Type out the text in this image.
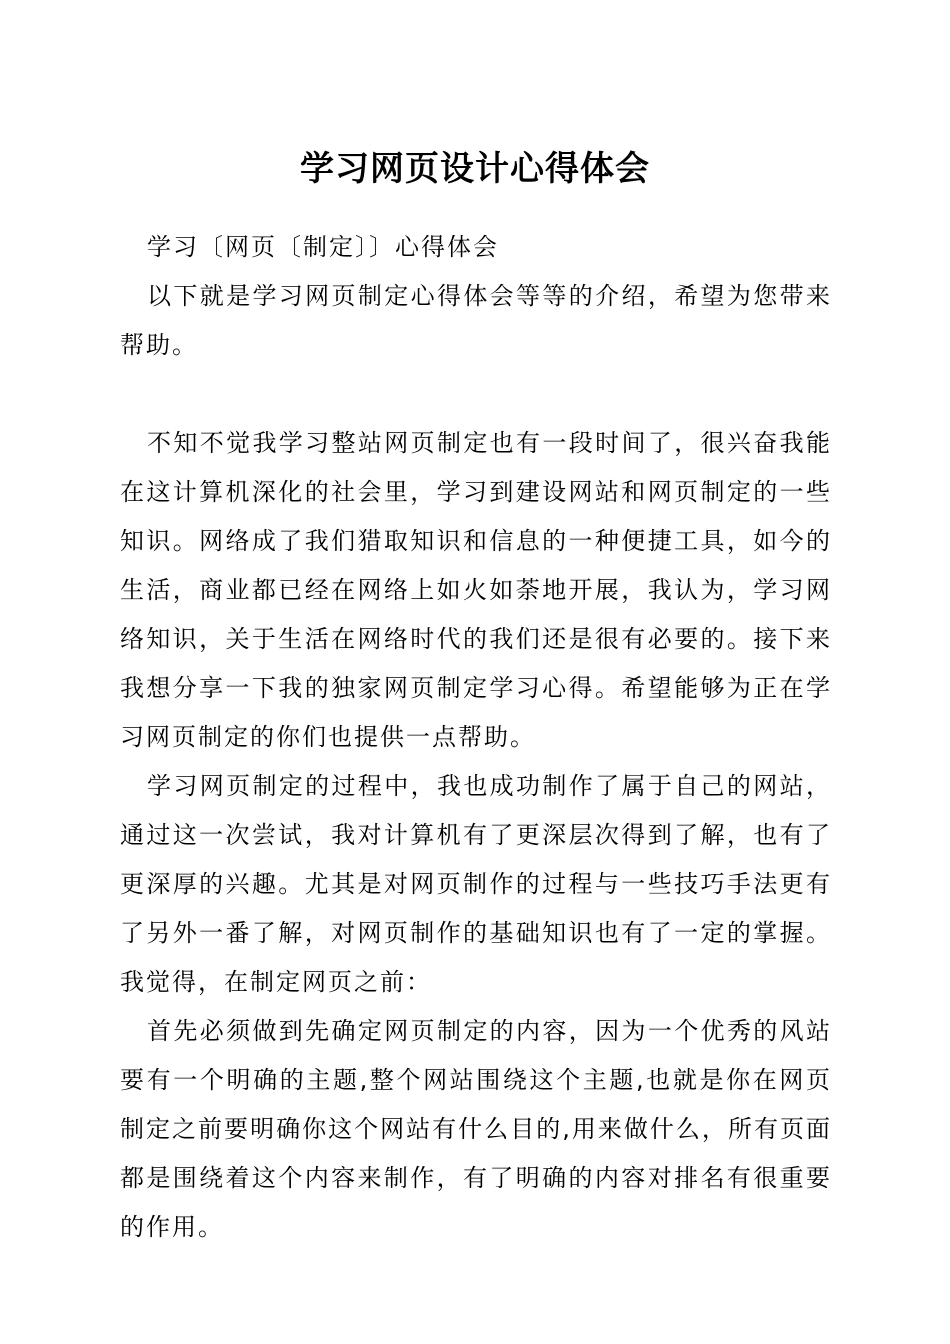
学习网页设计心得体会

学习〔网页〔制定〕〕心得体会

以下就是学习网页制定心得体会等等的介绍，希望为您带来帮助。

不知不觉我学习整站网页制定也有一段时间了，很兴奋我能在这计算机深化的社会里，学习到建设网站和网页制定的一些知识。网络成了我们猎取知识和信息的一种便捷工具，如今的生活，商业都已经在网络上如火如荼地开展，我认为，学习网络知识，关于生活在网络时代的我们还是很有必要的。接下来我想分享一下我的独家网页制定学习心得。希望能够为正在学习网页制定的你们也提供一点帮助。

学习网页制定的过程中，我也成功制作了属于自己的网站，通过这一次尝试，我对计算机有了更深层次得到了解，也有了更深厚的兴趣。尤其是对网页制作的过程与一些技巧手法更有了另外一番了解，对网页制作的基础知识也有了一定的掌握。我觉得，在制定网页之前：

首先必须做到先确定网页制定的内容，因为一个优秀的风站要有一个明确的主题,整个网站围绕这个主题,也就是你在网页制定之前要明确你这个网站有什么目的,用来做什么，所有页面都是围绕着这个内容来制作，有了明确的内容对排名有很重要的作用。
